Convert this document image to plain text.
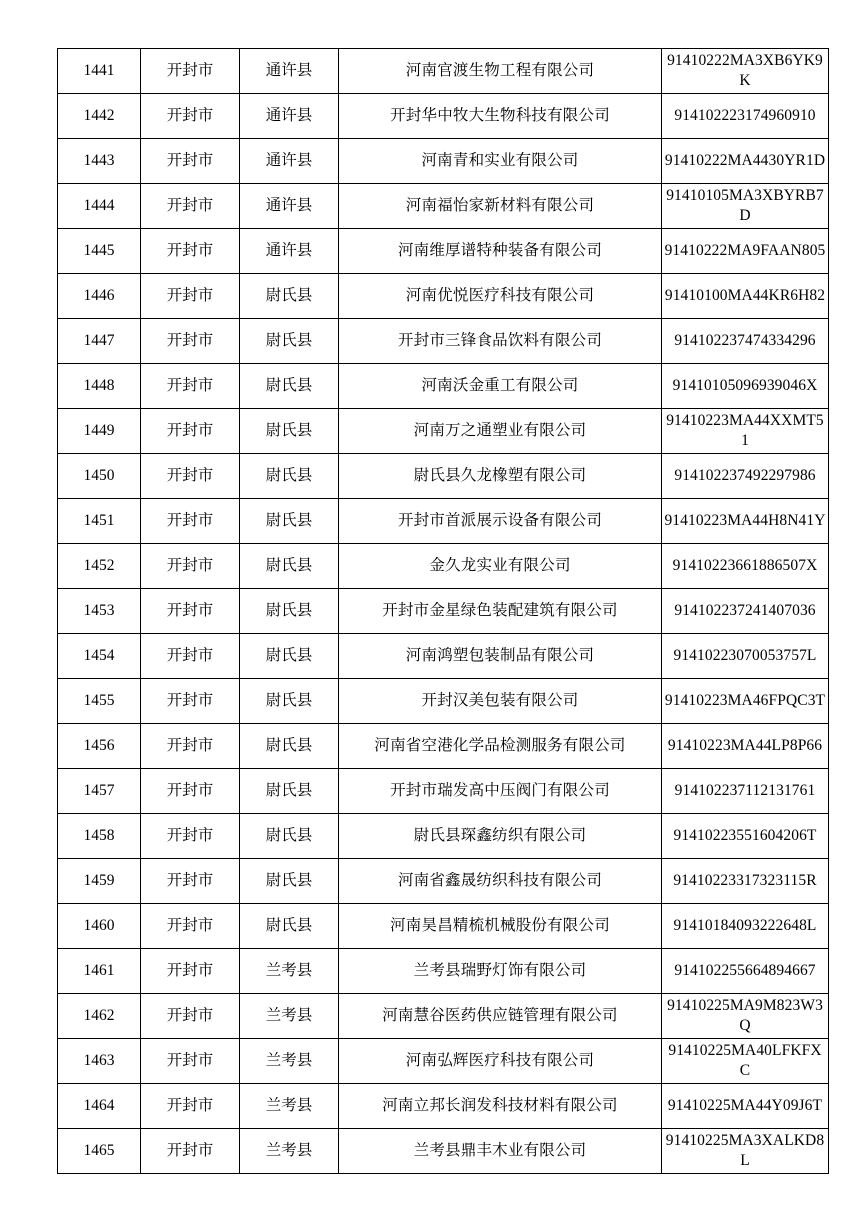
1441	开封市	通许县	河南官渡生物工程有限公司	91410222MA3XB6YK9K
1442	开封市	通许县	开封华中牧大生物科技有限公司	914102223174960910
1443	开封市	通许县	河南青和实业有限公司	91410222MA4430YR1D
1444	开封市	通许县	河南福怡家新材料有限公司	91410105MA3XBYRB7D
1445	开封市	通许县	河南维厚谱特种装备有限公司	91410222MA9FAAN805
1446	开封市	尉氏县	河南优悦医疗科技有限公司	91410100MA44KR6H82
1447	开封市	尉氏县	开封市三锋食品饮料有限公司	914102237474334296
1448	开封市	尉氏县	河南沃金重工有限公司	91410105096939046X
1449	开封市	尉氏县	河南万之通塑业有限公司	91410223MA44XXMT51
1450	开封市	尉氏县	尉氏县久龙橡塑有限公司	914102237492297986
1451	开封市	尉氏县	开封市首派展示设备有限公司	91410223MA44H8N41Y
1452	开封市	尉氏县	金久龙实业有限公司	91410223661886507X
1453	开封市	尉氏县	开封市金星绿色装配建筑有限公司	914102237241407036
1454	开封市	尉氏县	河南鸿塑包装制品有限公司	91410223070053757L
1455	开封市	尉氏县	开封汉美包装有限公司	91410223MA46FPQC3T
1456	开封市	尉氏县	河南省空港化学品检测服务有限公司	91410223MA44LP8P66
1457	开封市	尉氏县	开封市瑞发高中压阀门有限公司	914102237112131761
1458	开封市	尉氏县	尉氏县琛鑫纺织有限公司	91410223551604206T
1459	开封市	尉氏县	河南省鑫晟纺织科技有限公司	91410223317323115R
1460	开封市	尉氏县	河南昊昌精梳机械股份有限公司	91410184093222648L
1461	开封市	兰考县	兰考县瑞野灯饰有限公司	914102255664894667
1462	开封市	兰考县	河南慧谷医药供应链管理有限公司	91410225MA9M823W3Q
1463	开封市	兰考县	河南弘辉医疗科技有限公司	91410225MA40LFKFXC
1464	开封市	兰考县	河南立邦长润发科技材料有限公司	91410225MA44Y09J6T
1465	开封市	兰考县	兰考县鼎丰木业有限公司	91410225MA3XALKD8L
